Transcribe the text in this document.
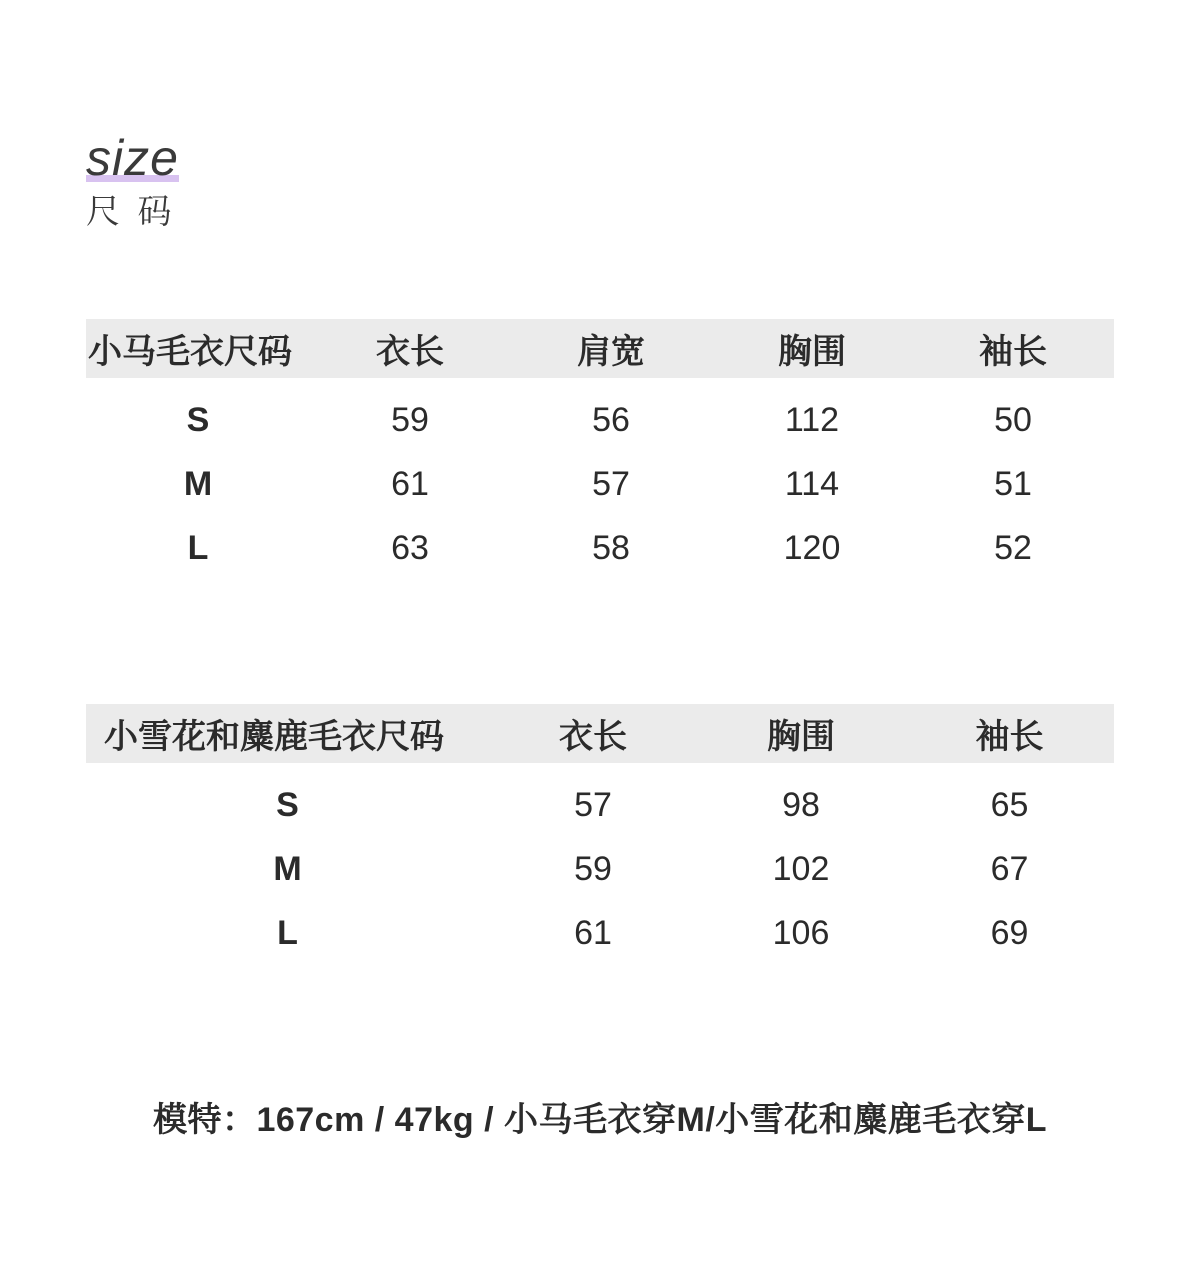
size
尺 码
小马毛衣尺码	衣长	肩宽	胸围	袖长
S	59	56	112	50
M	61	57	114	51
L	63	58	120	52
小雪花和麋鹿毛衣尺码	衣长	胸围	袖长
S	57	98	65
M	59	102	67
L	61	106	69
模特：167cm / 47kg / 小马毛衣穿M/小雪花和麋鹿毛衣穿L
